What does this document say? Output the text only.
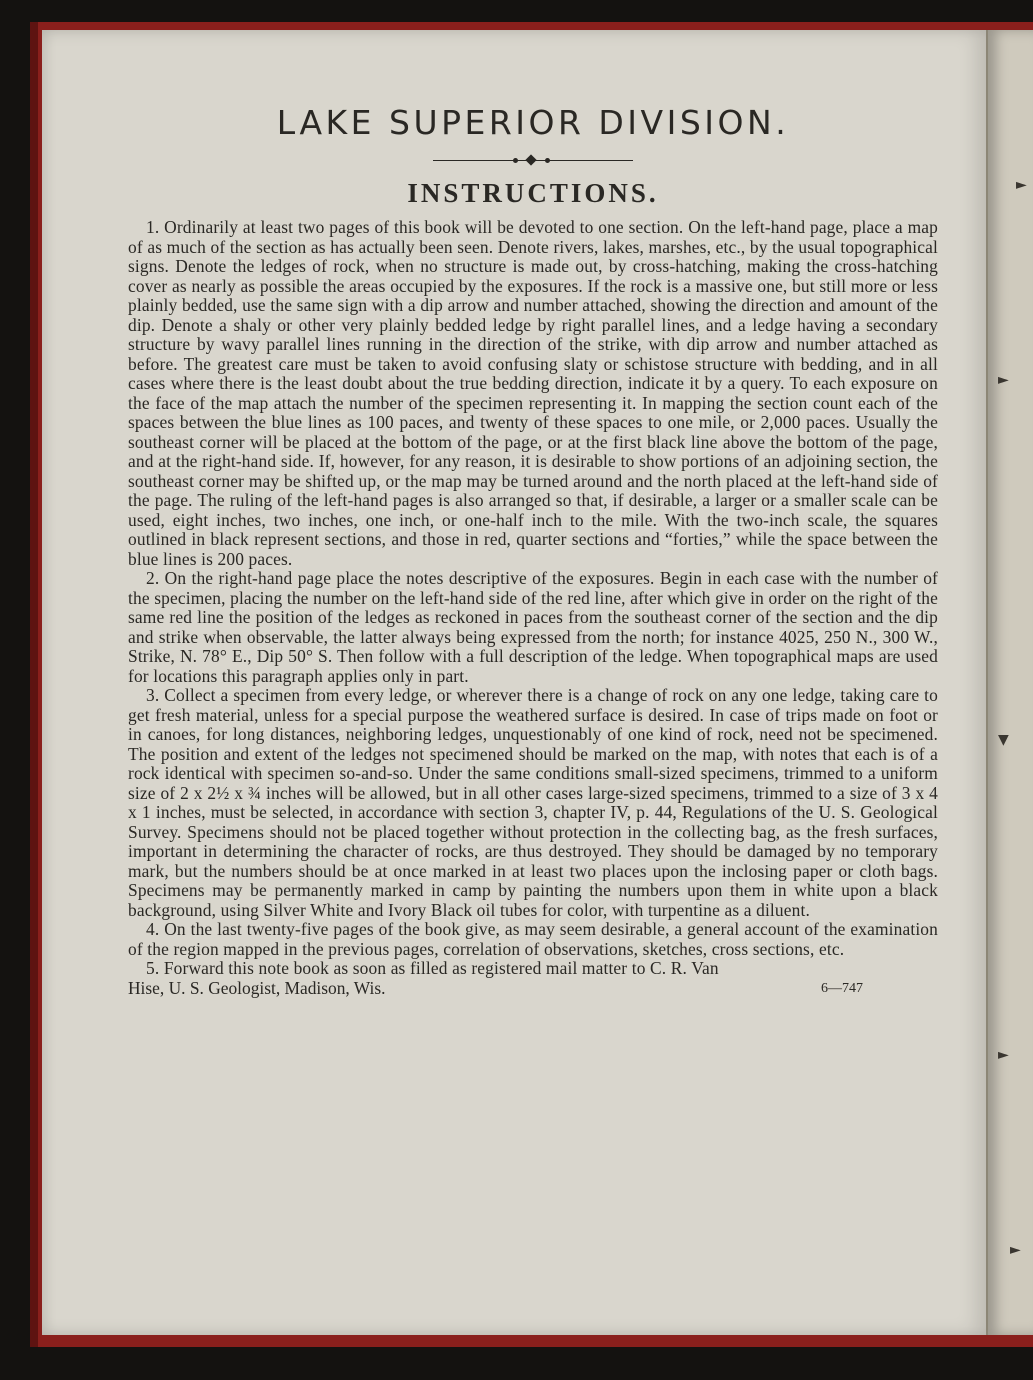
►
►
▼
►
►
LAKE SUPERIOR DIVISION.
INSTRUCTIONS.

1. Ordinarily at least two pages of this book will be devoted to one section. On the left-hand page, place a map of as much of the section as has actually been seen. Denote rivers, lakes, marshes, etc., by the usual topographical signs. Denote the ledges of rock, when no structure is made out, by cross-hatching, making the cross-hatching cover as nearly as possible the areas occupied by the exposures. If the rock is a massive one, but still more or less plainly bedded, use the same sign with a dip arrow and number attached, showing the direction and amount of the dip. Denote a shaly or other very plainly bedded ledge by right parallel lines, and a ledge having a secondary structure by wavy parallel lines running in the direction of the strike, with dip arrow and number attached as before. The greatest care must be taken to avoid confusing slaty or schistose structure with bedding, and in all cases where there is the least doubt about the true bedding direction, indicate it by a query. To each exposure on the face of the map attach the number of the specimen representing it. In mapping the section count each of the spaces between the blue lines as 100 paces, and twenty of these spaces to one mile, or 2,000 paces. Usually the southeast corner will be placed at the bottom of the page, or at the first black line above the bottom of the page, and at the right-hand side. If, however, for any reason, it is desirable to show portions of an adjoining section, the southeast corner may be shifted up, or the map may be turned around and the north placed at the left-hand side of the page. The ruling of the left-hand pages is also arranged so that, if desirable, a larger or a smaller scale can be used, eight inches, two inches, one inch, or one-half inch to the mile. With the two-inch scale, the squares outlined in black represent sections, and those in red, quarter sections and “forties,” while the space between the blue lines is 200 paces.

2. On the right-hand page place the notes descriptive of the exposures. Begin in each case with the number of the specimen, placing the number on the left-hand side of the red line, after which give in order on the right of the same red line the position of the ledges as reckoned in paces from the southeast corner of the section and the dip and strike when observable, the latter always being expressed from the north; for instance 4025, 250 N., 300 W., Strike, N. 78° E., Dip 50° S. Then follow with a full description of the ledge. When topographical maps are used for locations this paragraph applies only in part.

3. Collect a specimen from every ledge, or wherever there is a change of rock on any one ledge, taking care to get fresh material, unless for a special purpose the weathered surface is desired. In case of trips made on foot or in canoes, for long distances, neighboring ledges, unquestionably of one kind of rock, need not be specimened. The position and extent of the ledges not specimened should be marked on the map, with notes that each is of a rock identical with specimen so-and-so. Under the same conditions small-sized specimens, trimmed to a uniform size of 2 x 2½ x ¾ inches will be allowed, but in all other cases large-sized specimens, trimmed to a size of 3 x 4 x 1 inches, must be selected, in accordance with section 3, chapter IV, p. 44, Regulations of the U. S. Geological Survey. Specimens should not be placed together without protection in the collecting bag, as the fresh surfaces, important in determining the character of rocks, are thus destroyed. They should be damaged by no temporary mark, but the numbers should be at once marked in at least two places upon the inclosing paper or cloth bags. Specimens may be permanently marked in camp by painting the numbers upon them in white upon a black background, using Silver White and Ivory Black oil tubes for color, with turpentine as a diluent.

4. On the last twenty-five pages of the book give, as may seem desirable, a general account of the examination of the region mapped in the previous pages, correlation of observations, sketches, cross sections, etc.

5. Forward this note book as soon as filled as registered mail matter to C. R. Van

Hise, U. S. Geologist, Madison, Wis.	6—747
